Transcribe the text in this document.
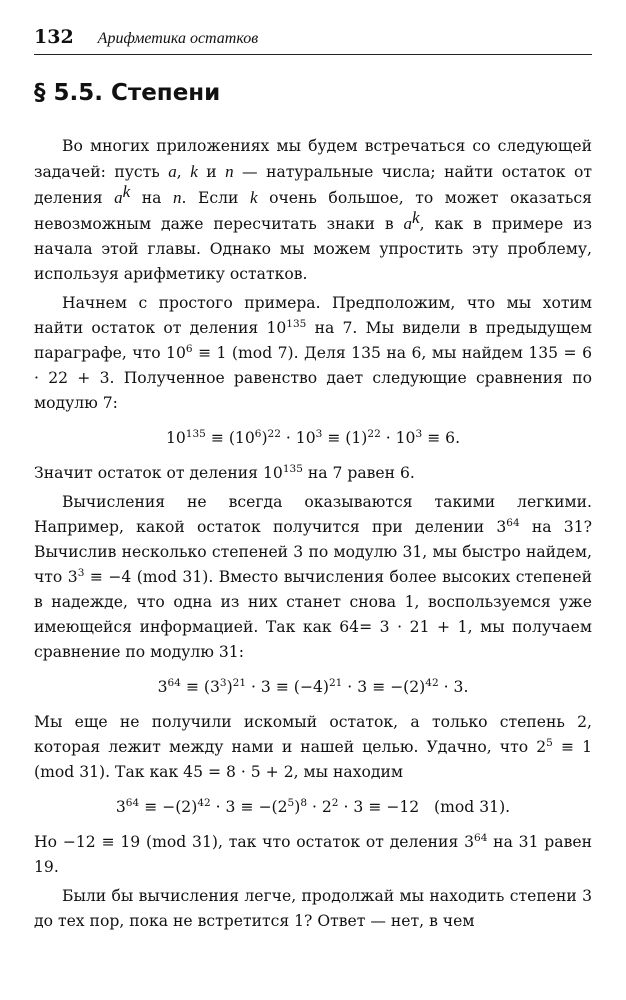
132 Арифметика остатков
§ 5.5. Степени

Во многих приложениях мы будем встречаться со следующей задачей: пусть a, k и n — натуральные числа; найти остаток от деления $a^k$ на n. Если k очень большое, то может оказаться невозможным даже пересчитать знаки в $a^k$, как в примере из начала этой главы. Однако мы можем упростить эту проблему, используя арифметику остатков.

Начнем с простого примера. Предположим, что мы хотим найти остаток от деления $10^{135}$ на 7. Мы видели в предыдущем параграфе, что $10^6 \equiv 1$ (mod 7). Деля 135 на 6, мы найдем 135 = 6 · 22 + 3. Полученное равенство дает следующие сравнения по модулю 7:

$10^{135} \equiv (10^6)^{22} \cdot 10^3 \equiv (1)^{22} \cdot 10^3 \equiv 6$.

Значит остаток от деления $10^{135}$ на 7 равен 6.

Вычисления не всегда оказываются такими легкими. Например, какой остаток получится при делении $3^{64}$ на 31? Вычислив несколько степеней 3 по модулю 31, мы быстро найдем, что $3^3 \equiv -4$ (mod 31). Вместо вычисления более высоких степеней в надежде, что одна из них станет снова 1, воспользуемся уже имеющейся информацией. Так как 64= 3 · 21 + 1, мы получаем сравнение по модулю 31:

$3^{64} \equiv (3^3)^{21} \cdot 3 \equiv (-4)^{21} \cdot 3 \equiv -(2)^{42} \cdot 3$.

Мы еще не получили искомый остаток, а только степень 2, которая лежит между нами и нашей целью. Удачно, что $2^5 \equiv 1$ (mod 31). Так как 45 = 8 · 5 + 2, мы находим

$3^{64} \equiv -(2)^{42} \cdot 3 \equiv -(2^5)^8 \cdot 2^2 \cdot 3 \equiv -12$   (mod 31).

Но −12 ≡ 19 (mod 31), так что остаток от деления $3^{64}$ на 31 равен 19.

Были бы вычисления легче, продолжай мы находить степени 3 до тех пор, пока не встретится 1? Ответ — нет, в чем
